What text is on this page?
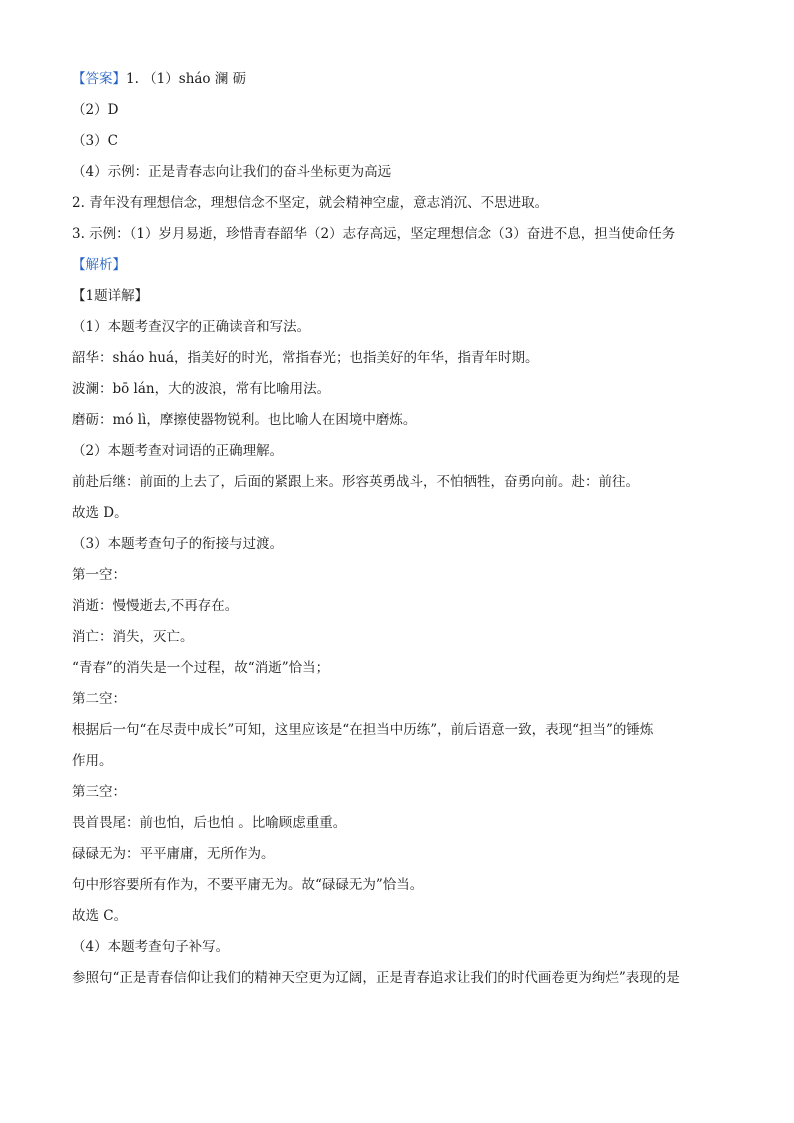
【答案】1. （1）sháo 澜 砺
（2）D
（3）C
（4）示例：正是青春志向让我们的奋斗坐标更为高远
2. 青年没有理想信念，理想信念不坚定，就会精神空虚，意志消沉、不思进取。
3. 示例：（1）岁月易逝，珍惜青春韶华（2）志存高远，坚定理想信念（3）奋进不息，担当使命任务
【解析】
【1题详解】
（1）本题考查汉字的正确读音和写法。
韶华：sháo huá，指美好的时光，常指春光；也指美好的年华，指青年时期。
波澜：bō lán，大的波浪，常有比喻用法。
磨砺：mó lì，摩擦使器物锐利。也比喻人在困境中磨炼。
（2）本题考查对词语的正确理解。
前赴后继：前面的上去了，后面的紧跟上来。形容英勇战斗，不怕牺牲，奋勇向前。赴：前往。
故选 D。
（3）本题考查句子的衔接与过渡。
第一空：
消逝：慢慢逝去,不再存在。
消亡：消失，灭亡。
“青春”的消失是一个过程，故“消逝”恰当；
第二空：
根据后一句“在尽责中成长”可知，这里应该是“在担当中历练”，前后语意一致，表现“担当”的锤炼
作用。
第三空：
畏首畏尾：前也怕，后也怕 。比喻顾虑重重。
碌碌无为：平平庸庸，无所作为。
句中形容要所有作为，不要平庸无为。故“碌碌无为”恰当。
故选 C。
（4）本题考查句子补写。
参照句“正是青春信仰让我们的精神天空更为辽阔，正是青春追求让我们的时代画卷更为绚烂”表现的是
